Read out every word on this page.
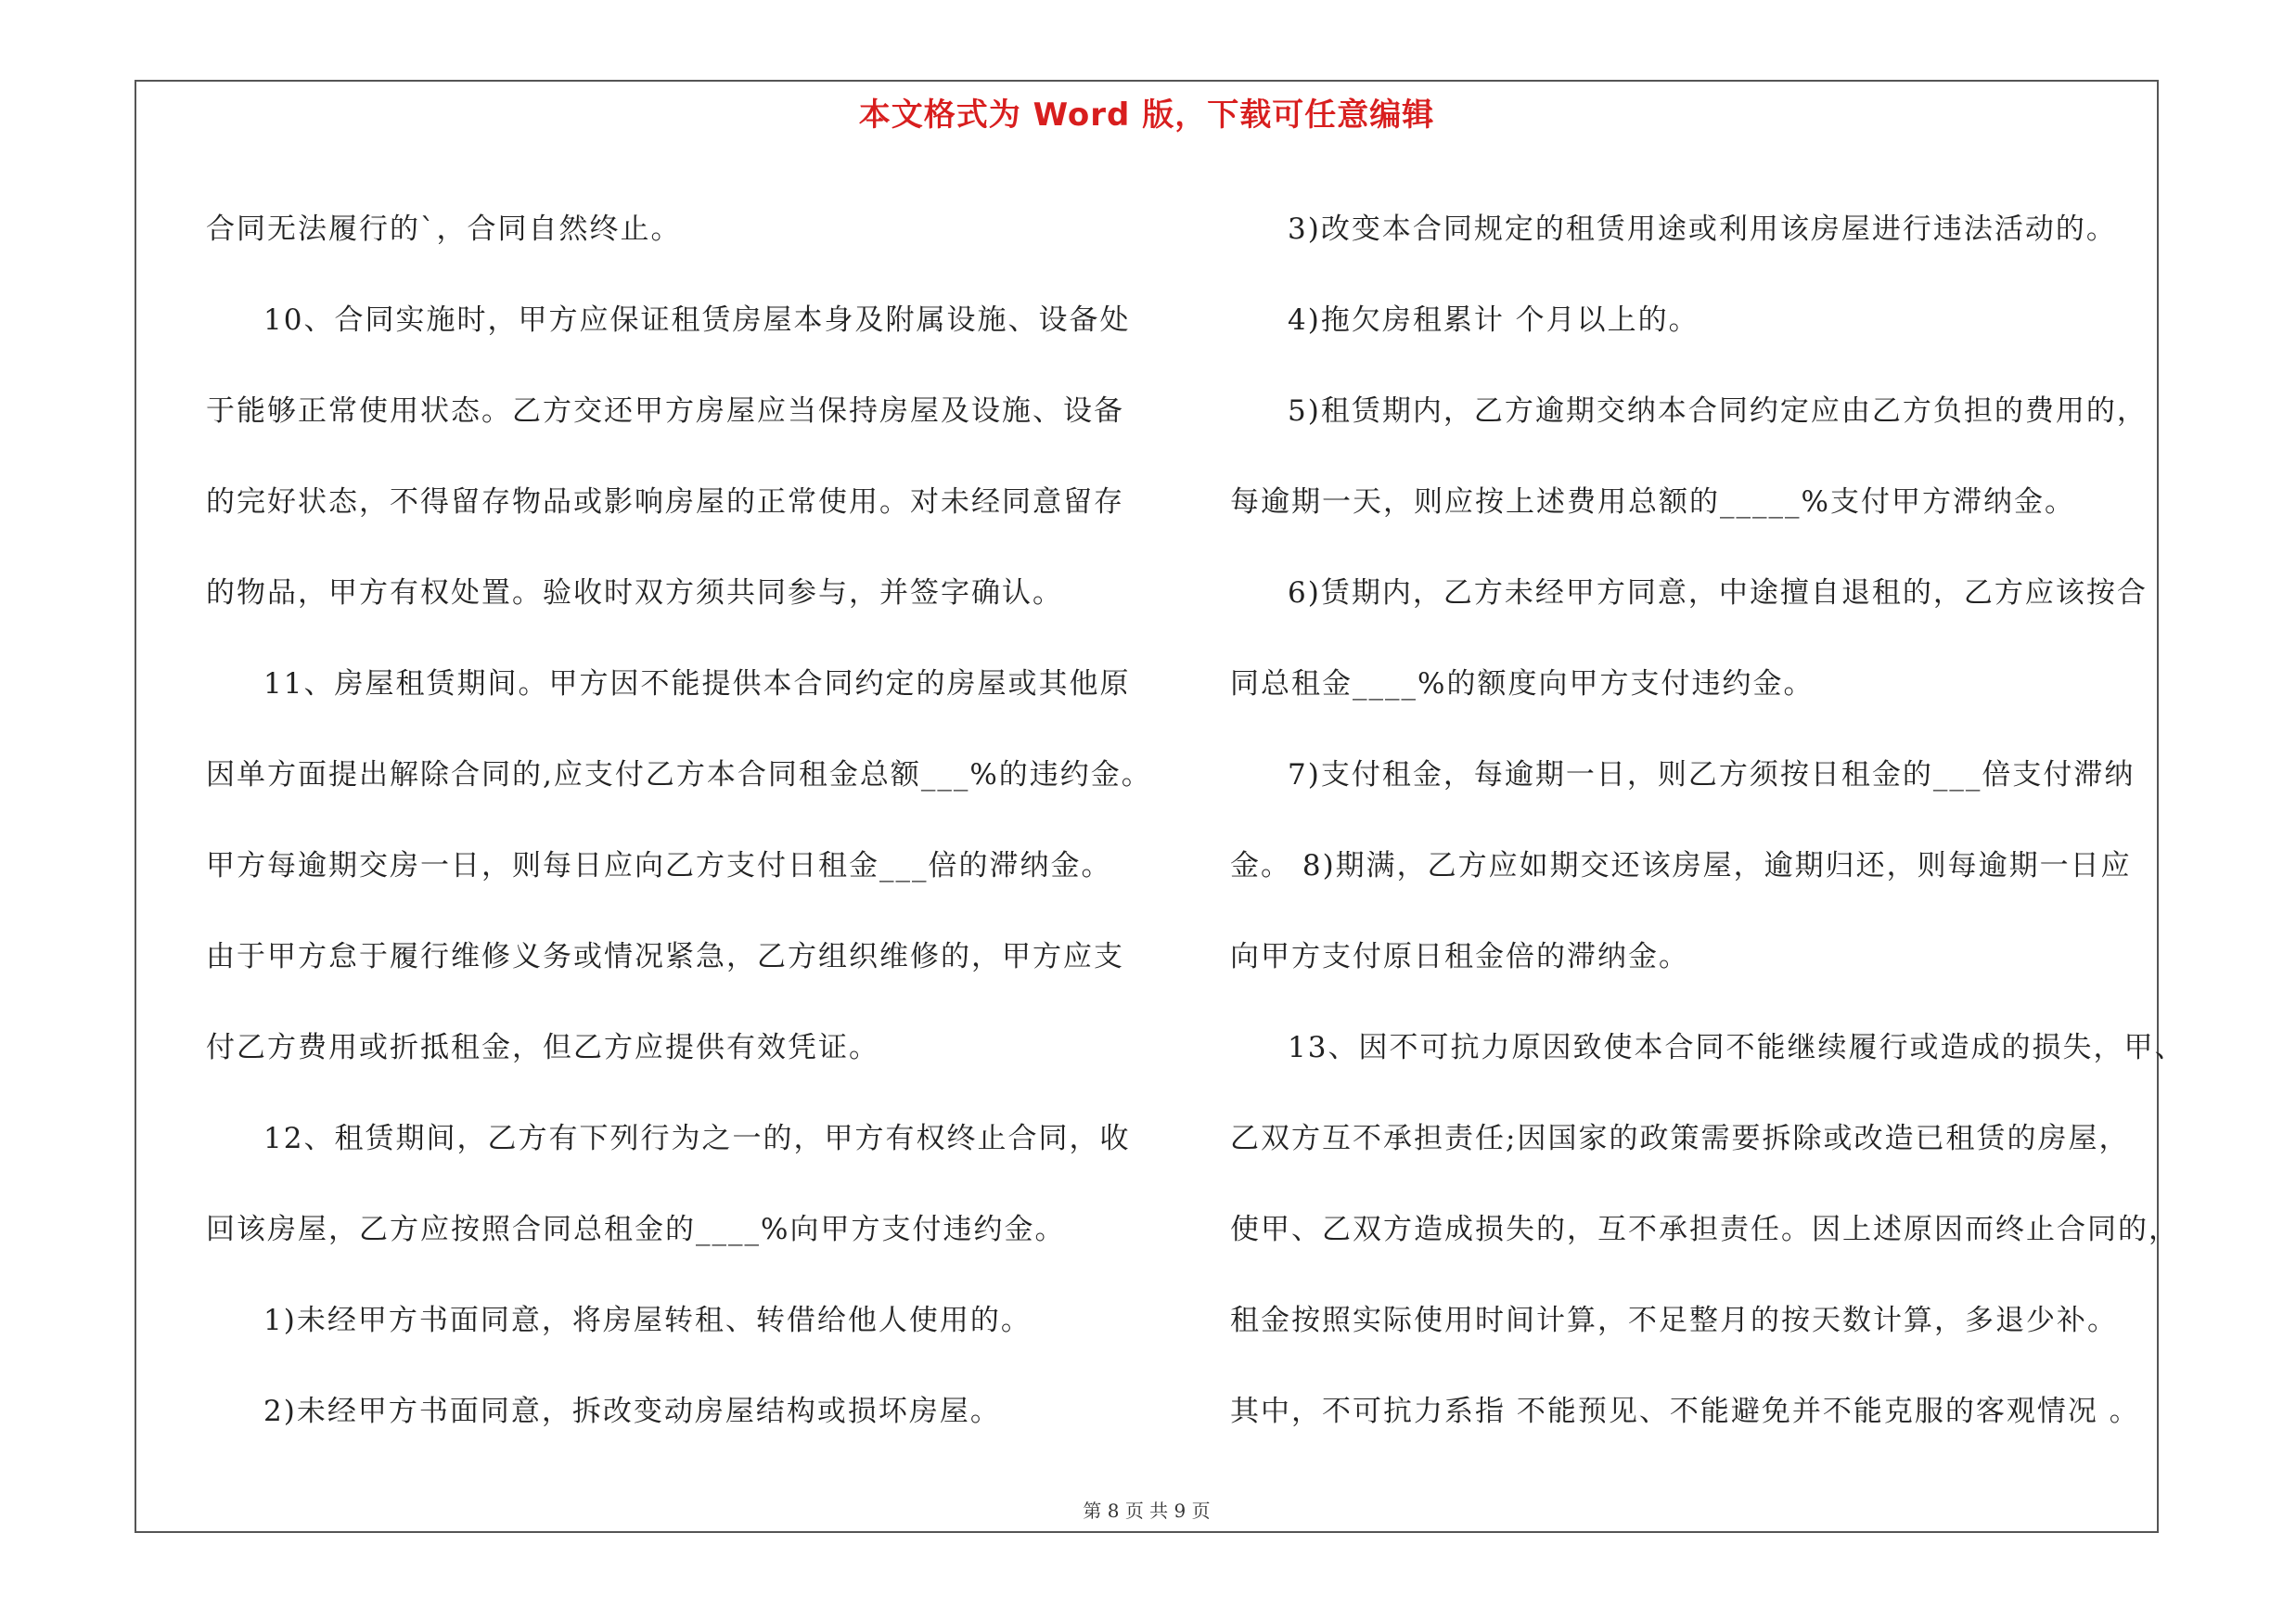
本文格式为 Word 版，下载可任意编辑
合同无法履行的`，合同自然终止。
10、合同实施时，甲方应保证租赁房屋本身及附属设施、设备处
于能够正常使用状态。乙方交还甲方房屋应当保持房屋及设施、设备
的完好状态，不得留存物品或影响房屋的正常使用。对未经同意留存
的物品，甲方有权处置。验收时双方须共同参与，并签字确认。
11、房屋租赁期间。甲方因不能提供本合同约定的房屋或其他原
因单方面提出解除合同的,应支付乙方本合同租金总额___%的违约金。
甲方每逾期交房一日，则每日应向乙方支付日租金___倍的滞纳金。
由于甲方怠于履行维修义务或情况紧急，乙方组织维修的，甲方应支
付乙方费用或折抵租金，但乙方应提供有效凭证。
12、租赁期间，乙方有下列行为之一的，甲方有权终止合同，收
回该房屋，乙方应按照合同总租金的____%向甲方支付违约金。
1)未经甲方书面同意，将房屋转租、转借给他人使用的。
2)未经甲方书面同意，拆改变动房屋结构或损坏房屋。
3)改变本合同规定的租赁用途或利用该房屋进行违法活动的。
4)拖欠房租累计 个月以上的。
5)租赁期内，乙方逾期交纳本合同约定应由乙方负担的费用的，
每逾期一天，则应按上述费用总额的_____%支付甲方滞纳金。
6)赁期内，乙方未经甲方同意，中途擅自退租的，乙方应该按合
同总租金____%的额度向甲方支付违约金。
7)支付租金，每逾期一日，则乙方须按日租金的___倍支付滞纳
金。 8)期满，乙方应如期交还该房屋，逾期归还，则每逾期一日应
向甲方支付原日租金倍的滞纳金。
13、因不可抗力原因致使本合同不能继续履行或造成的损失，甲、
乙双方互不承担责任;因国家的政策需要拆除或改造已租赁的房屋，
使甲、乙双方造成损失的，互不承担责任。因上述原因而终止合同的，
租金按照实际使用时间计算，不足整月的按天数计算，多退少补。
其中，不可抗力系指 不能预见、不能避免并不能克服的客观情况 。
第 8 页 共 9 页
